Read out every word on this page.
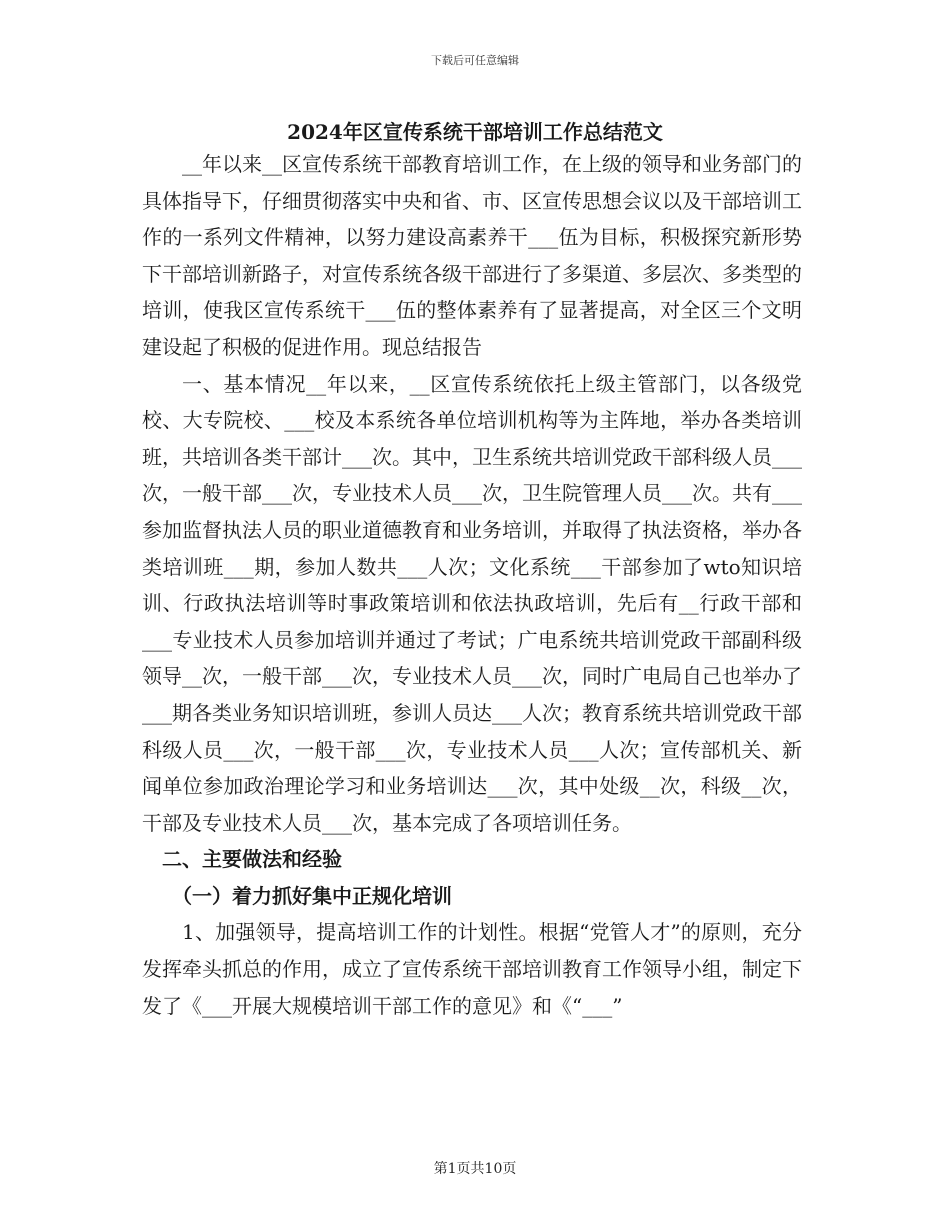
下载后可任意编辑
2024年区宣传系统干部培训工作总结范文

__年以来__区宣传系统干部教育培训工作，在上级的领导和业务部门的具体指导下，仔细贯彻落实中央和省、市、区宣传思想会议以及干部培训工作的一系列文件精神，以努力建设高素养干___伍为目标，积极探究新形势下干部培训新路子，对宣传系统各级干部进行了多渠道、多层次、多类型的培训，使我区宣传系统干___伍的整体素养有了显著提高，对全区三个文明建设起了积极的促进作用。现总结报告

一、基本情况__年以来，__区宣传系统依托上级主管部门，以各级党校、大专院校、___校及本系统各单位培训机构等为主阵地，举办各类培训班，共培训各类干部计___次。其中，卫生系统共培训党政干部科级人员___次，一般干部___次，专业技术人员___次，卫生院管理人员___次。共有___参加监督执法人员的职业道德教育和业务培训，并取得了执法资格，举办各类培训班___期，参加人数共___人次；文化系统___干部参加了wto知识培训、行政执法培训等时事政策培训和依法执政培训，先后有__行政干部和___专业技术人员参加培训并通过了考试；广电系统共培训党政干部副科级领导__次，一般干部___次，专业技术人员___次，同时广电局自己也举办了___期各类业务知识培训班，参训人员达___人次；教育系统共培训党政干部科级人员___次，一般干部___次，专业技术人员___人次；宣传部机关、新闻单位参加政治理论学习和业务培训达___次，其中处级__次，科级__次，干部及专业技术人员___次，基本完成了各项培训任务。

二、主要做法和经验
（一）着力抓好集中正规化培训

1、加强领导，提高培训工作的计划性。根据“党管人才”的原则，充分发挥牵头抓总的作用，成立了宣传系统干部培训教育工作领导小组，制定下发了《___开展大规模培训干部工作的意见》和《“___”

第1页共10页
